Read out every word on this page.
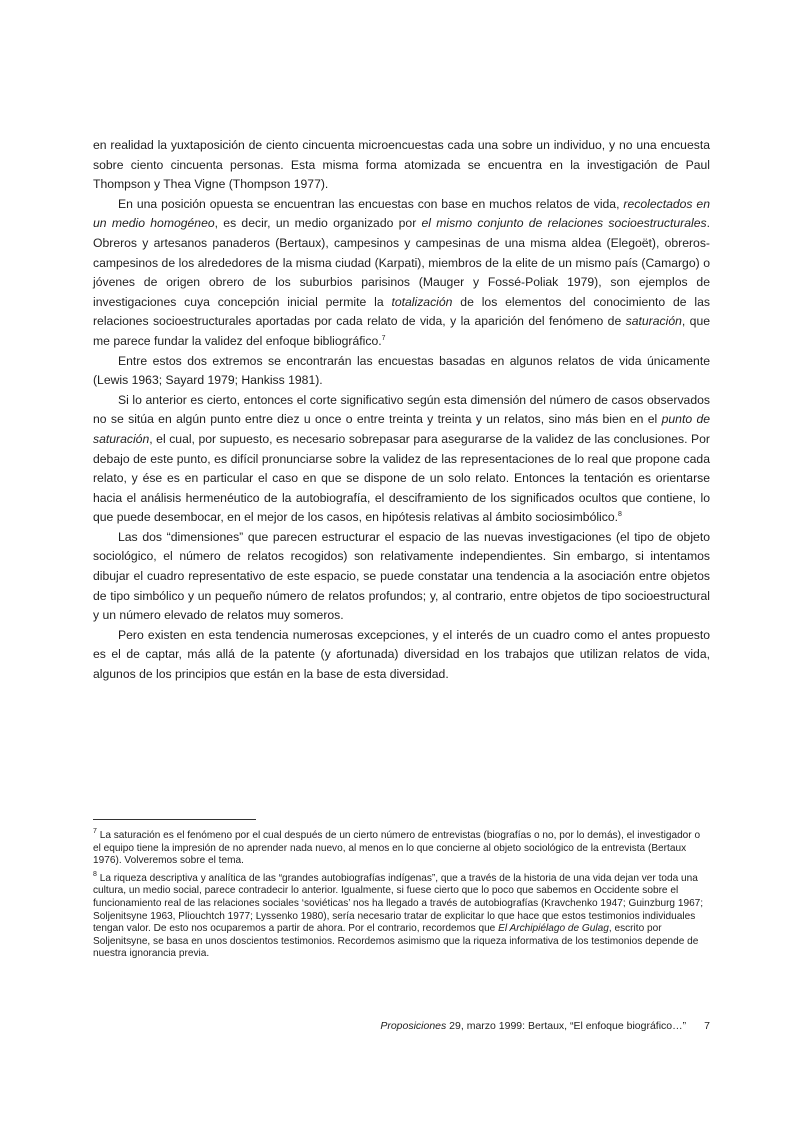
en realidad la yuxtaposición de ciento cincuenta microencuestas cada una sobre un individuo, y no una encuesta sobre ciento cincuenta personas. Esta misma forma atomizada se encuentra en la investigación de Paul Thompson y Thea Vigne (Thompson 1977).

En una posición opuesta se encuentran las encuestas con base en muchos relatos de vida, recolectados en un medio homogéneo, es decir, un medio organizado por el mismo conjunto de relaciones socioestructurales. Obreros y artesanos panaderos (Bertaux), campesinos y campesinas de una misma aldea (Elegoët), obreros-campesinos de los alrededores de la misma ciudad (Karpati), miembros de la elite de un mismo país (Camargo) o jóvenes de origen obrero de los suburbios parisinos (Mauger y Fossé-Poliak 1979), son ejemplos de investigaciones cuya concepción inicial permite la totalización de los elementos del conocimiento de las relaciones socioestructurales aportadas por cada relato de vida, y la aparición del fenómeno de saturación, que me parece fundar la validez del enfoque bibliográfico.$^7$

Entre estos dos extremos se encontrarán las encuestas basadas en algunos relatos de vida únicamente (Lewis 1963; Sayard 1979; Hankiss 1981).

Si lo anterior es cierto, entonces el corte significativo según esta dimensión del número de casos observados no se sitúa en algún punto entre diez u once o entre treinta y treinta y un relatos, sino más bien en el punto de saturación, el cual, por supuesto, es necesario sobrepasar para asegurarse de la validez de las conclusiones. Por debajo de este punto, es difícil pronunciarse sobre la validez de las representaciones de lo real que propone cada relato, y ése es en particular el caso en que se dispone de un solo relato. Entonces la tentación es orientarse hacia el análisis hermenéutico de la autobiografía, el desciframiento de los significados ocultos que contiene, lo que puede desembocar, en el mejor de los casos, en hipótesis relativas al ámbito sociosimbólico.$^8$

Las dos “dimensiones” que parecen estructurar el espacio de las nuevas investigaciones (el tipo de objeto sociológico, el número de relatos recogidos) son relativamente independientes. Sin embargo, si intentamos dibujar el cuadro representativo de este espacio, se puede constatar una tendencia a la asociación entre objetos de tipo simbólico y un pequeño número de relatos profundos; y, al contrario, entre objetos de tipo socioestructural y un número elevado de relatos muy someros.

Pero existen en esta tendencia numerosas excepciones, y el interés de un cuadro como el antes propuesto es el de captar, más allá de la patente (y afortunada) diversidad en los trabajos que utilizan relatos de vida, algunos de los principios que están en la base de esta diversidad.

$^7$ La saturación es el fenómeno por el cual después de un cierto número de entrevistas (biografías o no, por lo demás), el investigador o el equipo tiene la impresión de no aprender nada nuevo, al menos en lo que concierne al objeto sociológico de la entrevista (Bertaux 1976). Volveremos sobre el tema.

$^8$ La riqueza descriptiva y analítica de las “grandes autobiografías indígenas”, que a través de la historia de una vida dejan ver toda una cultura, un medio social, parece contradecir lo anterior. Igualmente, si fuese cierto que lo poco que sabemos en Occidente sobre el funcionamiento real de las relaciones sociales ‘soviéticas’ nos ha llegado a través de autobiografías (Kravchenko 1947; Guinzburg 1967; Soljenitsyne 1963, Pliouchtch 1977; Lyssenko 1980), sería necesario tratar de explicitar lo que hace que estos testimonios individuales tengan valor. De esto nos ocuparemos a partir de ahora. Por el contrario, recordemos que El Archipiélago de Gulag, escrito por Soljenitsyne, se basa en unos doscientos testimonios. Recordemos asimismo que la riqueza informativa de los testimonios depende de nuestra ignorancia previa.

Proposiciones 29, marzo 1999: Bertaux, “El enfoque biográfico…” 7
